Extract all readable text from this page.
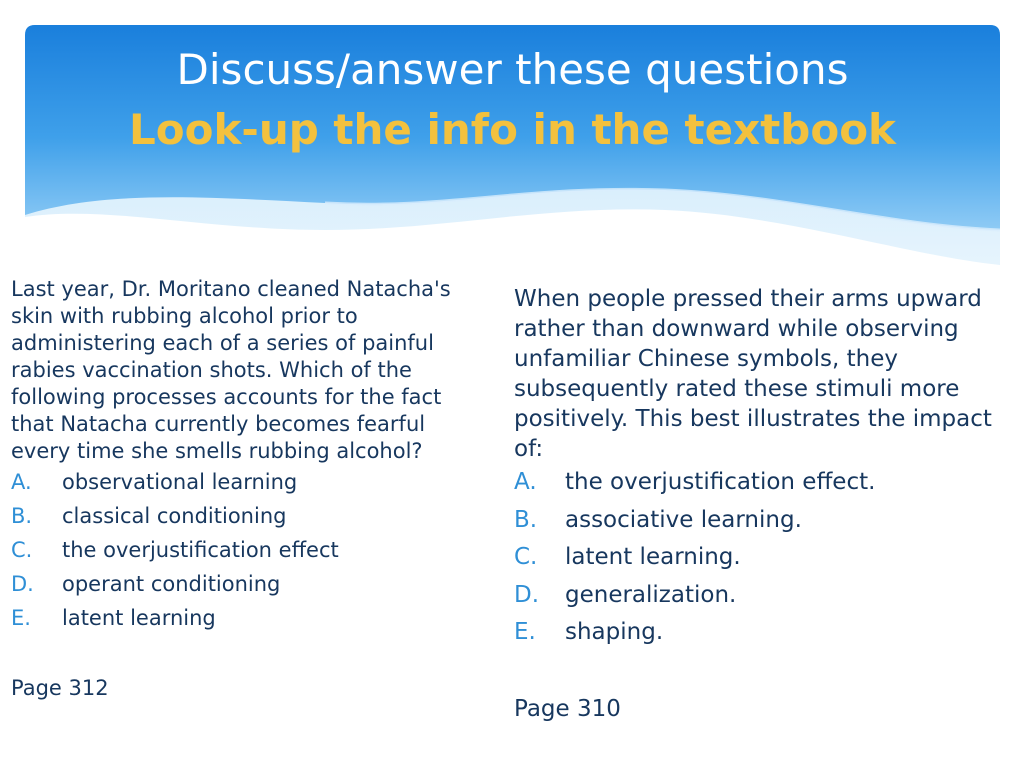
Discuss/answer these questions
Look-up the info in the textbook

Last year, Dr. Moritano cleaned Natacha's skin with rubbing alcohol prior to administering each of a series of painful rabies vaccination shots. Which of the following processes accounts for the fact that Natacha currently becomes fearful every time she smells rubbing alcohol?

A.	observational learning
B.	classical conditioning
C.	the overjustification effect
D.	operant conditioning
E.	latent learning

Page 312

When people pressed their arms upward rather than downward while observing unfamiliar Chinese symbols, they subsequently rated these stimuli more positively. This best illustrates the impact of:

A.	the overjustification effect.
B.	associative learning.
C.	latent learning.
D.	generalization.
E.	shaping.

Page 310
